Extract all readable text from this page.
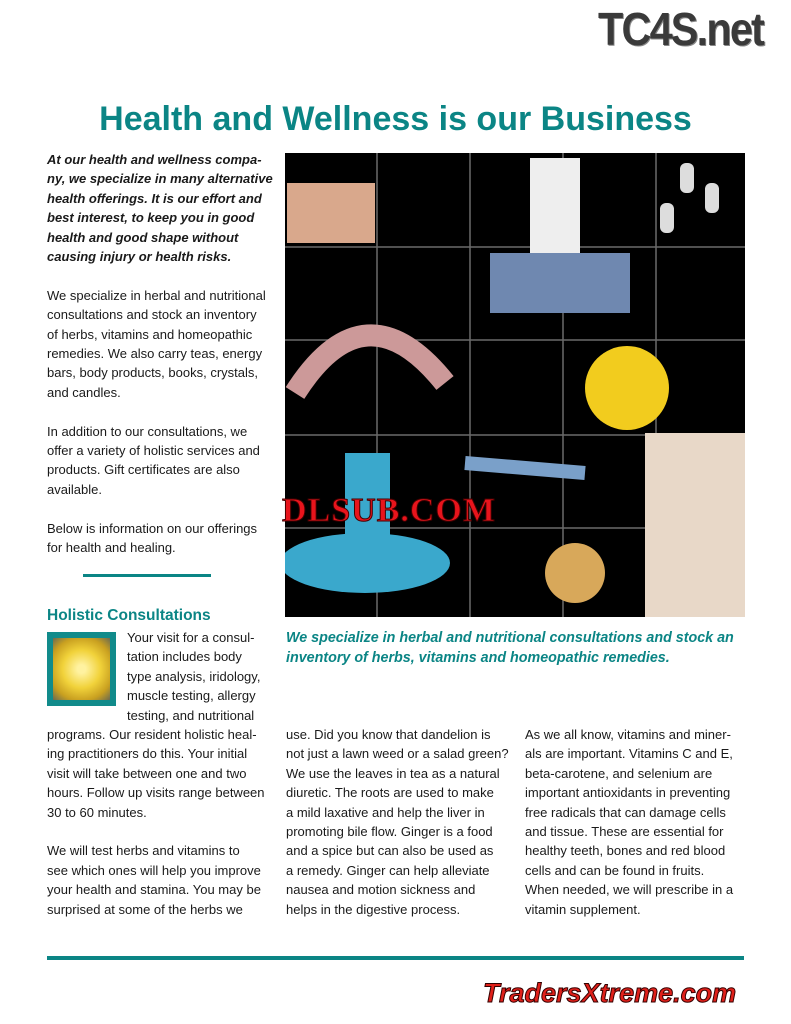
TC4S.net
Health and Wellness is our Business
At our health and wellness compa-
ny, we specialize in many alternative
health offerings. It is our effort and
best interest, to keep you in good
health and good shape without
causing injury or health risks.
We specialize in herbal and nutritional
consultations and stock an inventory
of herbs, vitamins and homeopathic
remedies. We also carry teas, energy
bars, body products, books, crystals,
and candles.
In addition to our consultations, we
offer a variety of holistic services and
products. Gift certificates are also
available.
Below is information on our offerings
for health and healing.
Holistic Consultations
Your visit for a consul-
tation includes body
type analysis, iridology,
muscle testing, allergy
testing, and nutritional
programs. Our resident holistic heal-
ing practitioners do this. Your initial
visit will take between one and two
hours. Follow up visits range between
30 to 60 minutes.
We will test herbs and vitamins to
see which ones will help you improve
your health and stamina. You may be
surprised at some of the herbs we
use. Did you know that dandelion is
not just a lawn weed or a salad green?
We use the leaves in tea as a natural
diuretic. The roots are used to make
a mild laxative and help the liver in
promoting bile flow. Ginger is a food
and a spice but can also be used as
a remedy. Ginger can help alleviate
nausea and motion sickness and
helps in the digestive process.
As we all know, vitamins and miner-
als are important. Vitamins C and E,
beta-carotene, and selenium are
important antioxidants in preventing
free radicals that can damage cells
and tissue. These are essential for
healthy teeth, bones and red blood
cells and can be found in fruits.
When needed, we will prescribe in a
vitamin supplement.
We specialize in herbal and nutritional consultations and stock an inventory of herbs, vitamins and homeopathic remedies.
DLSUB.COM
TradersXtreme.com
